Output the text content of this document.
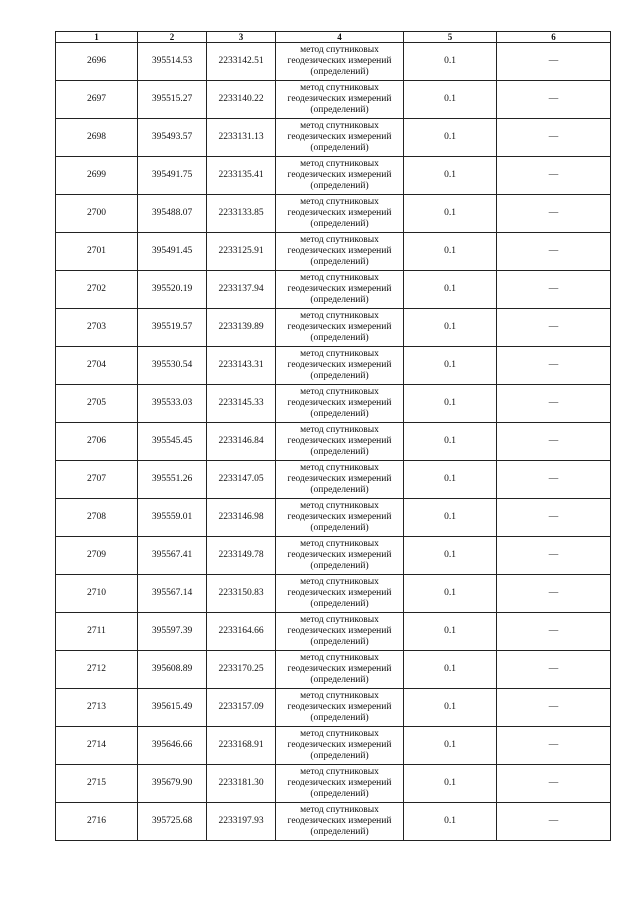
1	2	3	4	5	6
2696	395514.53	2233142.51	метод спутниковых
геодезических измерений
(определений)	0.1	—
2697	395515.27	2233140.22	метод спутниковых
геодезических измерений
(определений)	0.1	—
2698	395493.57	2233131.13	метод спутниковых
геодезических измерений
(определений)	0.1	—
2699	395491.75	2233135.41	метод спутниковых
геодезических измерений
(определений)	0.1	—
2700	395488.07	2233133.85	метод спутниковых
геодезических измерений
(определений)	0.1	—
2701	395491.45	2233125.91	метод спутниковых
геодезических измерений
(определений)	0.1	—
2702	395520.19	2233137.94	метод спутниковых
геодезических измерений
(определений)	0.1	—
2703	395519.57	2233139.89	метод спутниковых
геодезических измерений
(определений)	0.1	—
2704	395530.54	2233143.31	метод спутниковых
геодезических измерений
(определений)	0.1	—
2705	395533.03	2233145.33	метод спутниковых
геодезических измерений
(определений)	0.1	—
2706	395545.45	2233146.84	метод спутниковых
геодезических измерений
(определений)	0.1	—
2707	395551.26	2233147.05	метод спутниковых
геодезических измерений
(определений)	0.1	—
2708	395559.01	2233146.98	метод спутниковых
геодезических измерений
(определений)	0.1	—
2709	395567.41	2233149.78	метод спутниковых
геодезических измерений
(определений)	0.1	—
2710	395567.14	2233150.83	метод спутниковых
геодезических измерений
(определений)	0.1	—
2711	395597.39	2233164.66	метод спутниковых
геодезических измерений
(определений)	0.1	—
2712	395608.89	2233170.25	метод спутниковых
геодезических измерений
(определений)	0.1	—
2713	395615.49	2233157.09	метод спутниковых
геодезических измерений
(определений)	0.1	—
2714	395646.66	2233168.91	метод спутниковых
геодезических измерений
(определений)	0.1	—
2715	395679.90	2233181.30	метод спутниковых
геодезических измерений
(определений)	0.1	—
2716	395725.68	2233197.93	метод спутниковых
геодезических измерений
(определений)	0.1	—
